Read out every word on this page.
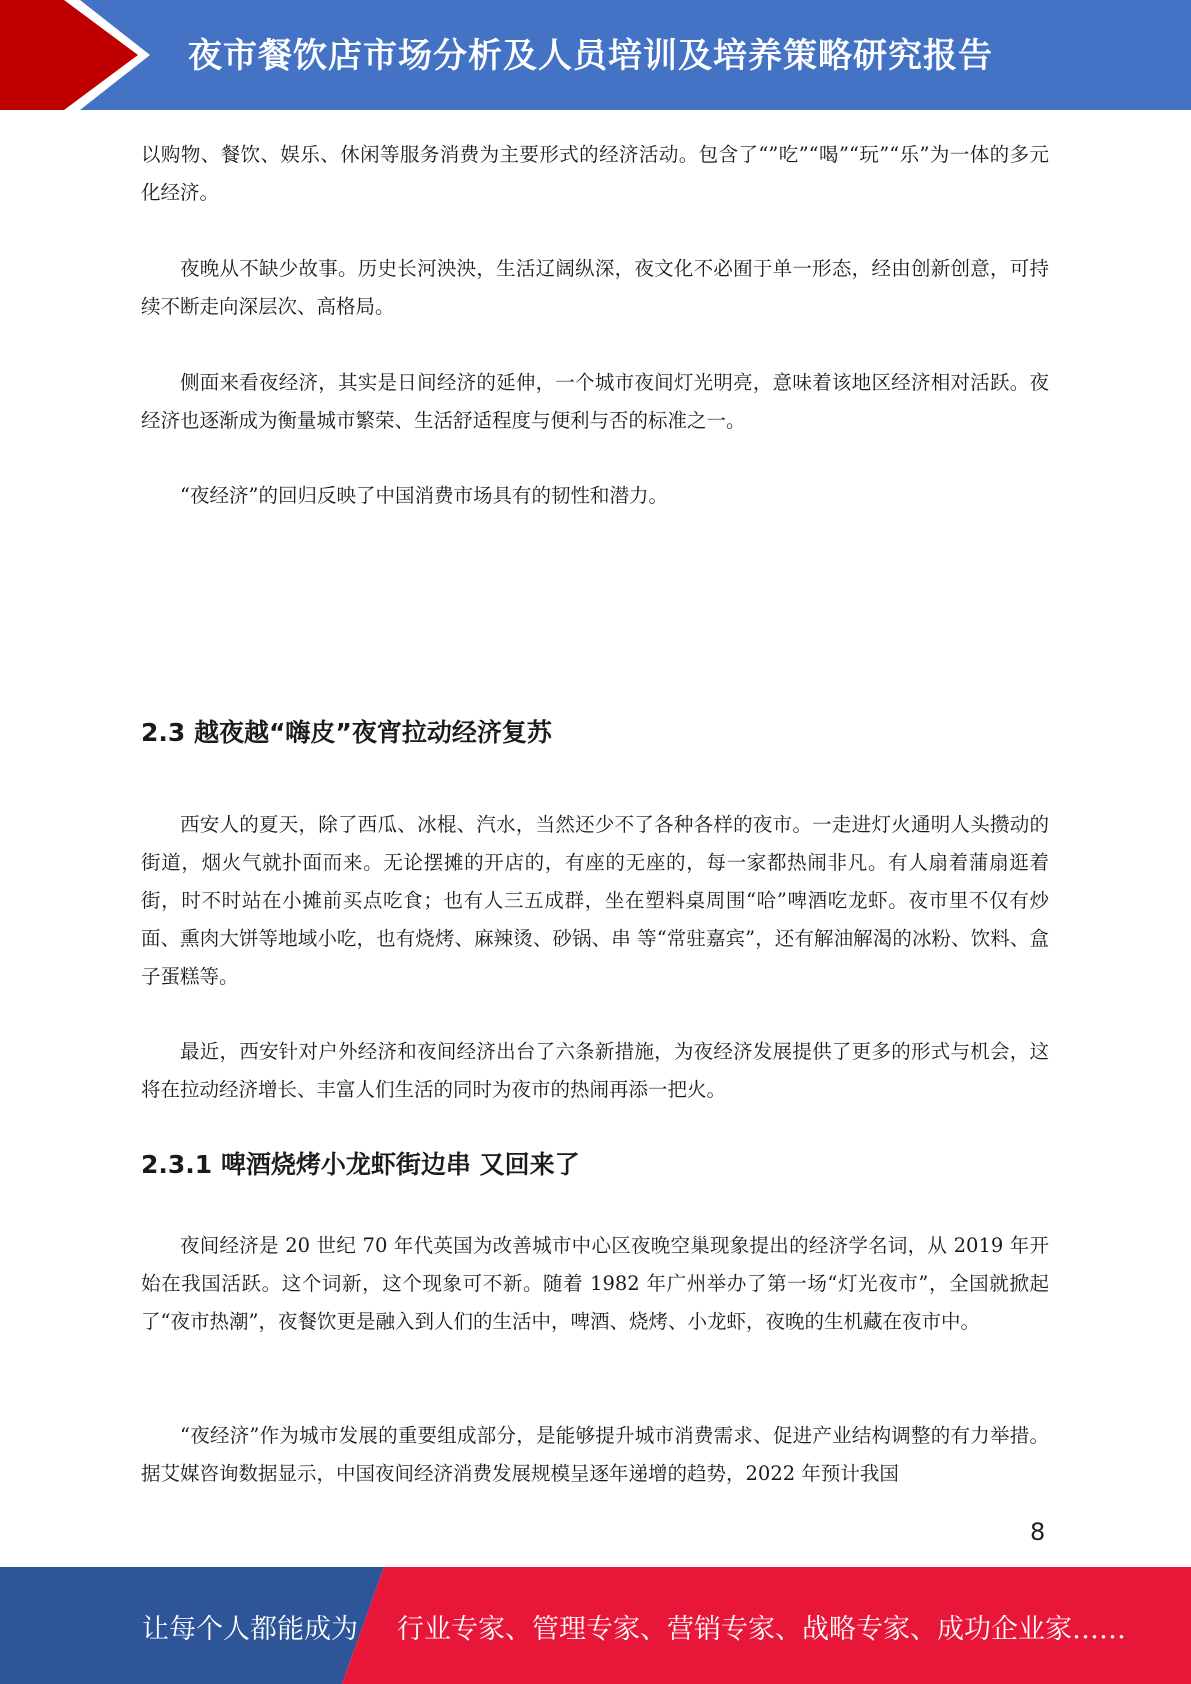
夜市餐饮店市场分析及人员培训及培养策略研究报告

以购物、餐饮、娱乐、休闲等服务消费为主要形式的经济活动。包含了“”吃”“喝”“玩”“乐”为一体的多元化经济。

夜晚从不缺少故事。历史长河泱泱，生活辽阔纵深，夜文化不必囿于单一形态，经由创新创意，可持续不断走向深层次、高格局。

侧面来看夜经济，其实是日间经济的延伸，一个城市夜间灯光明亮，意味着该地区经济相对活跃。夜经济也逐渐成为衡量城市繁荣、生活舒适程度与便利与否的标准之一。

“夜经济”的回归反映了中国消费市场具有的韧性和潜力。

2.3 越夜越“嗨皮”夜宵拉动经济复苏

西安人的夏天，除了西瓜、冰棍、汽水，当然还少不了各种各样的夜市。一走进灯火通明人头攒动的街道，烟火气就扑面而来。无论摆摊的开店的，有座的无座的，每一家都热闹非凡。有人扇着蒲扇逛着街，时不时站在小摊前买点吃食；也有人三五成群，坐在塑料桌周围“哈”啤酒吃龙虾。夜市里不仅有炒面、熏肉大饼等地域小吃，也有烧烤、麻辣烫、砂锅、串 等“常驻嘉宾”，还有解油解渴的冰粉、饮料、盒子蛋糕等。

最近，西安针对户外经济和夜间经济出台了六条新措施，为夜经济发展提供了更多的形式与机会，这将在拉动经济增长、丰富人们生活的同时为夜市的热闹再添一把火。

2.3.1 啤酒烧烤小龙虾街边串 又回来了

夜间经济是 20 世纪 70 年代英国为改善城市中心区夜晚空巢现象提出的经济学名词，从 2019 年开始在我国活跃。这个词新，这个现象可不新。随着 1982 年广州举办了第一场“灯光夜市”，全国就掀起了“夜市热潮”，夜餐饮更是融入到人们的生活中，啤酒、烧烤、小龙虾，夜晚的生机藏在夜市中。

“夜经济”作为城市发展的重要组成部分，是能够提升城市消费需求、促进产业结构调整的有力举措。据艾媒咨询数据显示，中国夜间经济消费发展规模呈逐年递增的趋势，2022 年预计我国

8
让每个人都能成为 行业专家、管理专家、营销专家、战略专家、成功企业家……
